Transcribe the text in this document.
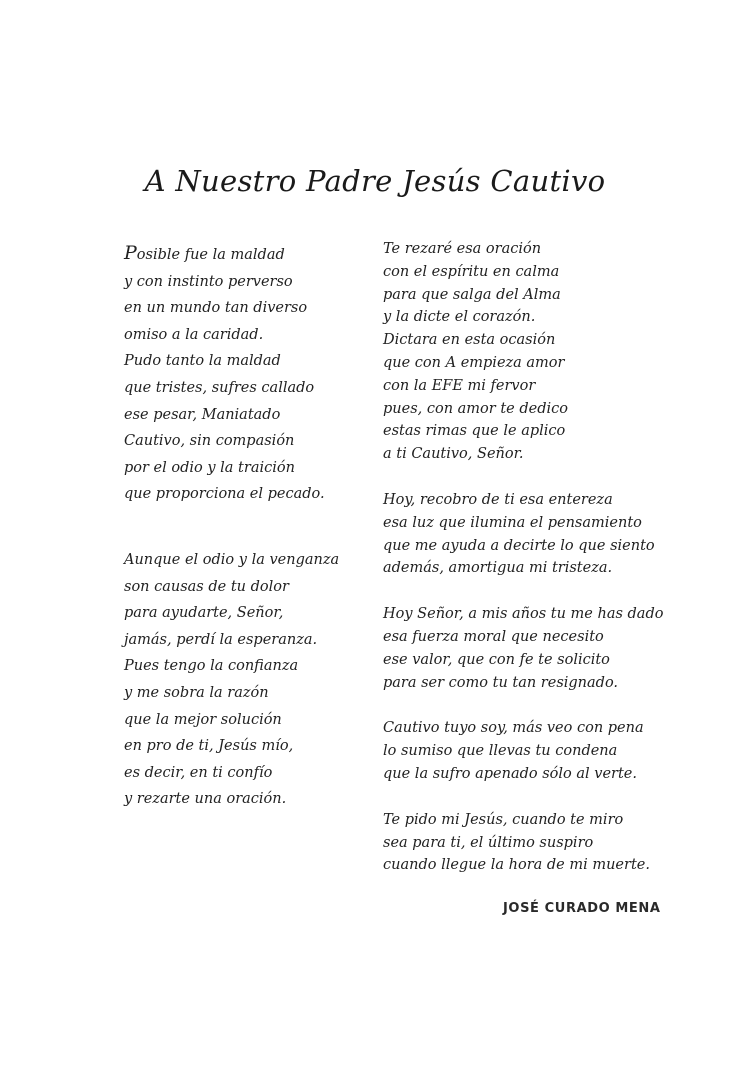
A Nuestro Padre Jesús Cautivo
Posible fue la maldad
y con instinto perverso
en un mundo tan diverso
omiso a la caridad.
Pudo tanto la maldad
que tristes, sufres callado
ese pesar, Maniatado
Cautivo, sin compasión
por el odio y la traición
que proporciona el pecado.
Aunque el odio y la venganza
son causas de tu dolor
para ayudarte, Señor,
jamás, perdí la esperanza.
Pues tengo la confianza
y me sobra la razón
que la mejor solución
en pro de ti, Jesús mío,
es decir, en ti confío
y rezarte una oración.
Te rezaré esa oración
con el espíritu en calma
para que salga del Alma
y la dicte el corazón.
Dictara en esta ocasión
que con A empieza amor
con la EFE mi fervor
pues, con amor te dedico
estas rimas que le aplico
a ti Cautivo, Señor.
Hoy, recobro de ti esa entereza
esa luz que ilumina el pensamiento
que me ayuda a decirte lo que siento
además, amortigua mi tristeza.
Hoy Señor, a mis años tu me has dado
esa fuerza moral que necesito
ese valor, que con fe te solicito
para ser como tu tan resignado.
Cautivo tuyo soy, más veo con pena
lo sumiso que llevas tu condena
que la sufro apenado sólo al verte.
Te pido mi Jesús, cuando te miro
sea para ti, el último suspiro
cuando llegue la hora de mi muerte.
JOSÉ CURADO MENA
